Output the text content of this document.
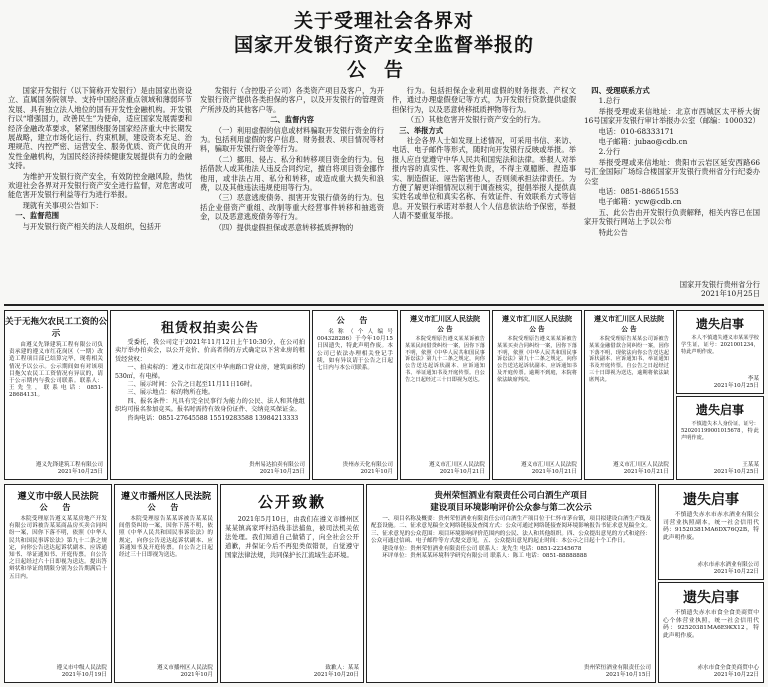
关于受理社会各界对
国家开发银行资产安全监督举报的
公告

国家开发银行（以下简称开发银行）是由国家出资设立、直属国务院领导、支持中国经济重点领域和薄弱环节发展、具有独立法人地位的国有开发性金融机构。开发银行以“增强国力，改善民生”为使命，适应国家发展需要和经济金融改革要求，紧紧围绕服务国家经济重大中长期发展战略，建立市场化运行、约束机制，建设资本充足、治理规范、内控严密、运营安全、服务优质、资产优良的开发性金融机构，为国民经济持续健康发展提供有力的金融支持。

为维护开发银行资产安全，有效防控金融风险，热忱欢迎社会各界对开发银行资产安全进行监督，对危害或可能危害开发银行利益等行为进行举报。

现就有关事项公告如下：

一、监督范围

与开发银行资产相关的法人及组织，包括开

发银行（含控股子公司）各类资产项目及客户，为开发银行资产提供各类担保的客户，以及开发银行的管理资产所涉及的其他客户等。

二、监督内容

（一）利用虚假的信息或材料骗取开发银行资金的行为。包括利用虚假的客户信息、财务报表、项目情况等材料，骗取开发银行资金等行为。

（二）挪用、侵占、私分和转移项目资金的行为。包括借款人或其他法人违反合同约定，擅自将项目资金挪作他用，或非法占用、私分和转移，或造成重大损失和浪费，以及其他违法违规使用等行为。

（三）恶意逃废债务、损害开发银行债务的行为。包括企业借资产重组、改制等重大经营事件转移和抽逃资金，以及恶意逃废债务等行为。

（四）提供虚假担保或恶意转移抵质押物的

行为。包括担保企业利用虚假的财务报表、产权文件，通过办理虚假登记等方式，为开发银行贷款提供虚假担保行为，以及恶意转移抵质押物等行为。

（五）其他危害开发银行资产安全的行为。

三、举报方式

社会各界人士如发现上述情况，可采用书信、来访、电话、电子邮件等形式，随时向开发银行反映或举报。举报人应自觉遵守中华人民共和国宪法和法律。举报人对举报内容的真实性、客观性负责，不得主观臆断、捏造事实、制造假证、诬告陷害他人，否则须承担法律责任。为方便了解更详细情况以利于调查核实，提倡举报人提供真实姓名或单位和真实名称、有效证件、有效联系方式等信息。开发银行承诺对举报人个人信息依法给予保密，举报人请不要重复举报。

四、受理联系方式

1.总行

举报受理或来信地址：北京市西城区太平桥大街16号国家开发银行审计举报办公室（邮编：100032）

电话：010-68333171

电子邮箱：jubao@cdb.cn

2.分行

举报受理或来信地址：贵阳市云岩区延安西路66号汇金国际广场综合楼国家开发银行贵州省分行纪委办公室

电话：0851-88651553

电子邮箱：ycw@cdb.cn

五、此公告由开发银行负责解释，相关内容已在国家开发银行网站上予以公布

特此公告

国家开发银行贵州省分行
2021年10月25日
关于无拖欠农民工工资的公示

由遵义先锋建筑工程有限公司负责承建的遵义市红花岗区（一期）改造工程项目部已结算完毕，现将相关情况予以公示。公示期间如有对该项目拖欠农民工工资情况有异议的，请于公示期内与我公司联系。联系人：王先生，联系电话：0851-28684131。

遵义先锋建筑工程有限公司
2021年10月25日
租赁权拍卖公告

受委托，我公司定于2021年11月12日上午10:30分，在公司拍卖厅举办拍卖会，以公开竞价、价高者得的方式确定以下营业房的租赁经营权：

一、拍卖标的：遵义市红花岗区中华南路口营业房，建筑面积约530㎡，有电梯。

二、展示时间：公告之日起至11月11日16时。

三、展示地点：标的物所在地。

四、报名条件：凡具有完全民事行为能力的公民、法人和其他组织均可报名参加竞买。报名时需持有效身份证件、交纳竞买保证金。

咨询电话：0851-27645588 15519283588 13984213333

贵州易达拍卖有限公司
2021年10月25日
公 告

名称（个人编号004328286）于今年10月15日因遗失，特此声明作废。本公司已依法办理相关登记手续，如有异议请于公告之日起七日内与本公司联系。

贵州赤天化有限公司
2021年10月
遵义市汇川区人民法院
公 告

本院受理原告遵义某某诉被告某某民间借贷纠纷一案，因你下落不明，依照《中华人民共和国民事诉讼法》第九十二条之规定，向你公告送达起诉状副本、应诉通知书、举证通知书及开庭传票。自公告之日起经过三十日即视为送达。

遵义市汇川区人民法院
2021年10月21日
遵义市汇川区人民法院
公 告

本院受理原告遵义某某诉被告某某买卖合同纠纷一案，因你下落不明，依照《中华人民共和国民事诉讼法》第九十二条之规定，向你公告送达起诉状副本、应诉通知书及开庭传票。逾期不到庭，本院将依法缺席判决。

遵义市汇川区人民法院
2021年10月21日
遵义市汇川区人民法院
公 告

本院受理原告某某公司诉被告某某金融借款合同纠纷一案，因你下落不明，现依法向你公告送达起诉状副本、应诉通知书、举证通知书及开庭传票。自公告之日起经过三十日即视为送达，逾期将依法缺席判决。

遵义市汇川区人民法院
2021年10月21日
遗失启事

本人不慎遗失遵义市某某学校学生证，证号：2021001234，特此声明作废。

李某
2021年10月25日
遗失启事

不慎遗失本人身份证，证号：520201199001015678，特此声明作废。

王某某
2021年10月25日
遵义市中级人民法院
公 告

本院受理原告遵义某某房地产开发有限公司诉被告某某商品房买卖合同纠纷一案，因你下落不明，依照《中华人民共和国民事诉讼法》第九十二条之规定，向你公告送达起诉状副本、应诉通知书、举证通知书、开庭传票。自公告之日起经过六十日即视为送达。提出答辩状和举证的期限分别为公告期满后十五日内。

遵义市中级人民法院
2021年10月19日
遵义市播州区人民法院
公 告

本院受理原告某某诉被告某某民间借贷纠纷一案，因你下落不明，依照《中华人民共和国民事诉讼法》的规定，向你公告送达起诉状副本、应诉通知书及开庭传票。自公告之日起经过三十日即视为送达。

遵义市播州区人民法院
2021年10月
公开致歉

2021年5月10日，由我们在遵义市播州区某某镇高家坪村沿线非法捕鱼，被司法机关依法处理。我们知道自己做错了，向全社会公开道歉，并保证今后不再犯类似错误，自觉遵守国家法律法规，共同保护长江流域生态环境。

致歉人：某某
2021年10月20日
贵州荣恒酒业有限责任公司白酒生产项目
建设项目环境影响评价公众参与第二次公示

一、项目名称及概要：贵州荣恒酒业有限责任公司白酒生产项目位于仁怀市茅台镇，项目拟建设白酒生产线及配套设施。二、征求意见稿全文网络链接及查阅方式：公众可通过网络链接查阅环境影响报告书征求意见稿全文。三、征求意见的公众范围：项目环境影响评价范围内的公民、法人和其他组织。四、公众提出意见的方式和途径：公众可通过信函、电子邮件等方式提交意见。五、公众提出意见的起止时间：本公示之日起十个工作日。

建设单位：贵州荣恒酒业有限责任公司 联系人：龙先生 电话：0851-22345678

环评单位：贵州某某环境科学研究有限公司 联系人：陈工 电话：0851-88888888

贵州荣恒酒业有限责任公司
2021年10月15日
遗失启事

不慎遗失赤水市赤水酒业有限公司营业执照副本，统一社会信用代码：91520381MA6DX76Q2B，特此声明作废。

赤水市赤水酒业有限公司
2021年10月22日
遗失启事

不慎遗失赤水市食全食美商贸中心个体营业执照，统一社会信用代码：92520381MA6E9KX12，特此声明作废。

赤水市食全食美商贸中心
2021年10月22日
